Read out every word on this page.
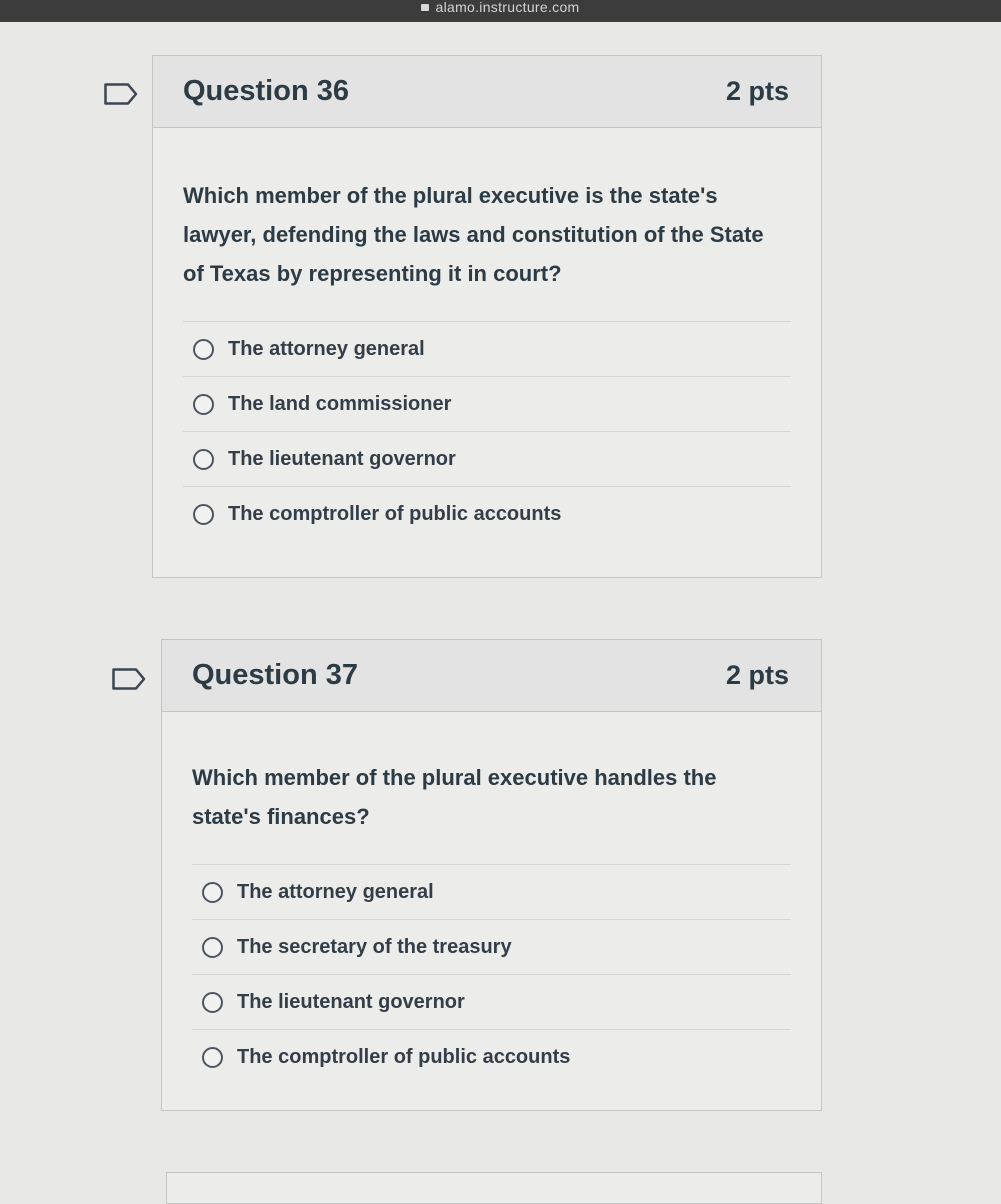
alamo.instructure.com
Question 36	2 pts

Which member of the plural executive is the state's lawyer, defending the laws and constitution of the State of Texas by representing it in court?

The attorney general
The land commissioner
The lieutenant governor
The comptroller of public accounts
Question 37	2 pts

Which member of the plural executive handles the state's finances?

The attorney general
The secretary of the treasury
The lieutenant governor
The comptroller of public accounts
